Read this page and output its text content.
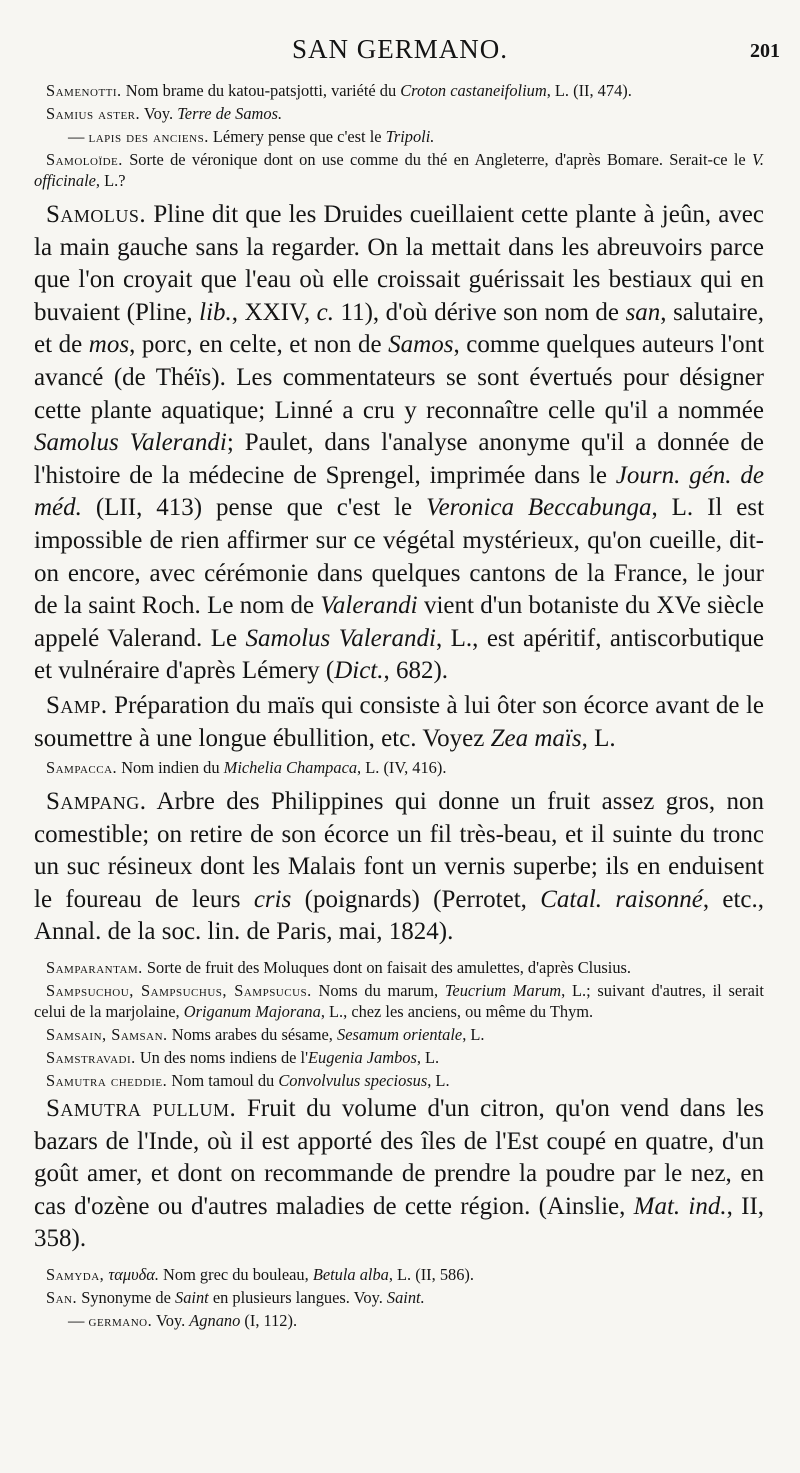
SAN GERMANO.	201

Samenotti. Nom brame du katou-patsjotti, variété du Croton castaneifolium, L. (II, 474).

Samius aster. Voy. Terre de Samos.

— lapis des anciens. Lémery pense que c'est le Tripoli.

Samoloïde. Sorte de véronique dont on use comme du thé en Angleterre, d'après Bomare. Serait-ce le V. officinale, L.?

Samolus. Pline dit que les Druides cueillaient cette plante à jeûn, avec la main gauche sans la regarder. On la mettait dans les abreuvoirs parce que l'on croyait que l'eau où elle croissait guérissait les bestiaux qui en buvaient (Pline, lib., XXIV, c. 11), d'où dérive son nom de san, salutaire, et de mos, porc, en celte, et non de Samos, comme quelques auteurs l'ont avancé (de Théïs). Les commentateurs se sont évertués pour désigner cette plante aquatique; Linné a cru y reconnaître celle qu'il a nommée Samolus Valerandi; Paulet, dans l'analyse anonyme qu'il a donnée de l'histoire de la médecine de Sprengel, imprimée dans le Journ. gén. de méd. (LII, 413) pense que c'est le Veronica Beccabunga, L. Il est impossible de rien affirmer sur ce végétal mystérieux, qu'on cueille, dit-on encore, avec cérémonie dans quelques cantons de la France, le jour de la saint Roch. Le nom de Valerandi vient d'un botaniste du XVe siècle appelé Valerand. Le Samolus Valerandi, L., est apéritif, antiscorbutique et vulnéraire d'après Lémery (Dict., 682).

Samp. Préparation du maïs qui consiste à lui ôter son écorce avant de le soumettre à une longue ébullition, etc. Voyez Zea maïs, L.

Sampacca. Nom indien du Michelia Champaca, L. (IV, 416).

Sampang. Arbre des Philippines qui donne un fruit assez gros, non comestible; on retire de son écorce un fil très-beau, et il suinte du tronc un suc résineux dont les Malais font un vernis superbe; ils en enduisent le foureau de leurs cris (poignards) (Perrotet, Catal. raisonné, etc., Annal. de la soc. lin. de Paris, mai, 1824).

Samparantam. Sorte de fruit des Moluques dont on faisait des amulettes, d'après Clusius.

Sampsuchou, Sampsuchus, Sampsucus. Noms du marum, Teucrium Marum, L.; suivant d'autres, il serait celui de la marjolaine, Origanum Majorana, L., chez les anciens, ou même du Thym.

Samsain, Samsan. Noms arabes du sésame, Sesamum orientale, L.

Samstravadi. Un des noms indiens de l'Eugenia Jambos, L.

Samutra cheddie. Nom tamoul du Convolvulus speciosus, L.

Samutra pullum. Fruit du volume d'un citron, qu'on vend dans les bazars de l'Inde, où il est apporté des îles de l'Est coupé en quatre, d'un goût amer, et dont on recommande de prendre la poudre par le nez, en cas d'ozène ou d'autres maladies de cette région. (Ainslie, Mat. ind., II, 358).

Samyda, ταμυδα. Nom grec du bouleau, Betula alba, L. (II, 586).

San. Synonyme de Saint en plusieurs langues. Voy. Saint.

— germano. Voy. Agnano (I, 112).
